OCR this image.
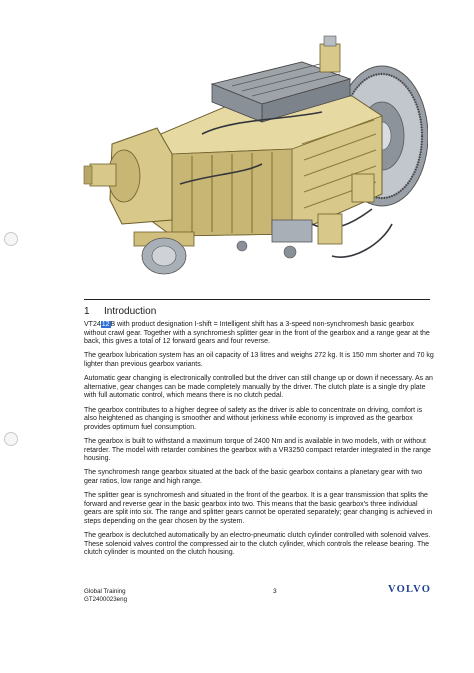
1 Introduction

VT2412B with product designation I-shift = Intelligent shift has a 3-speed non-synchromesh basic gearbox without crawl gear. Together with a synchromesh splitter gear in the front of the gearbox and a range gear at the back, this gives a total of 12 forward gears and four reverse.

The gearbox lubrication system has an oil capacity of 13 litres and weighs 272 kg. It is 150 mm shorter and 70 kg lighter than previous gearbox variants.

Automatic gear changing is electronically controlled but the driver can still change up or down if necessary. As an alternative, gear changes can be made completely manually by the driver. The clutch plate is a single dry plate with full automatic control, which means there is no clutch pedal.

The gearbox contributes to a higher degree of safety as the driver is able to concentrate on driving, comfort is also heightened as changing is smoother and without jerkiness while economy is improved as the gearbox provides optimum fuel consumption.

The gearbox is built to withstand a maximum torque of 2400 Nm and is available in two models, with or without retarder. The model with retarder combines the gearbox with a VR3250 compact retarder integrated in the range housing.

The synchromesh range gearbox situated at the back of the basic gearbox contains a planetary gear with two gear ratios, low range and high range.

The splitter gear is synchromesh and situated in the front of the gearbox. It is a gear transmission that splits the forward and reverse gear in the basic gearbox into two. This means that the basic gearbox's three individual gears are split into six. The range and splitter gears cannot be operated separately; gear changing is achieved in steps depending on the gear chosen by the system.

The gearbox is declutched automatically by an electro-pneumatic clutch cylinder controlled with solenoid valves. These solenoid valves control the compressed air to the clutch cylinder, which controls the release bearing. The clutch cylinder is mounted on the clutch housing.

Global Training
GT2400023eng
3	VOLVO
